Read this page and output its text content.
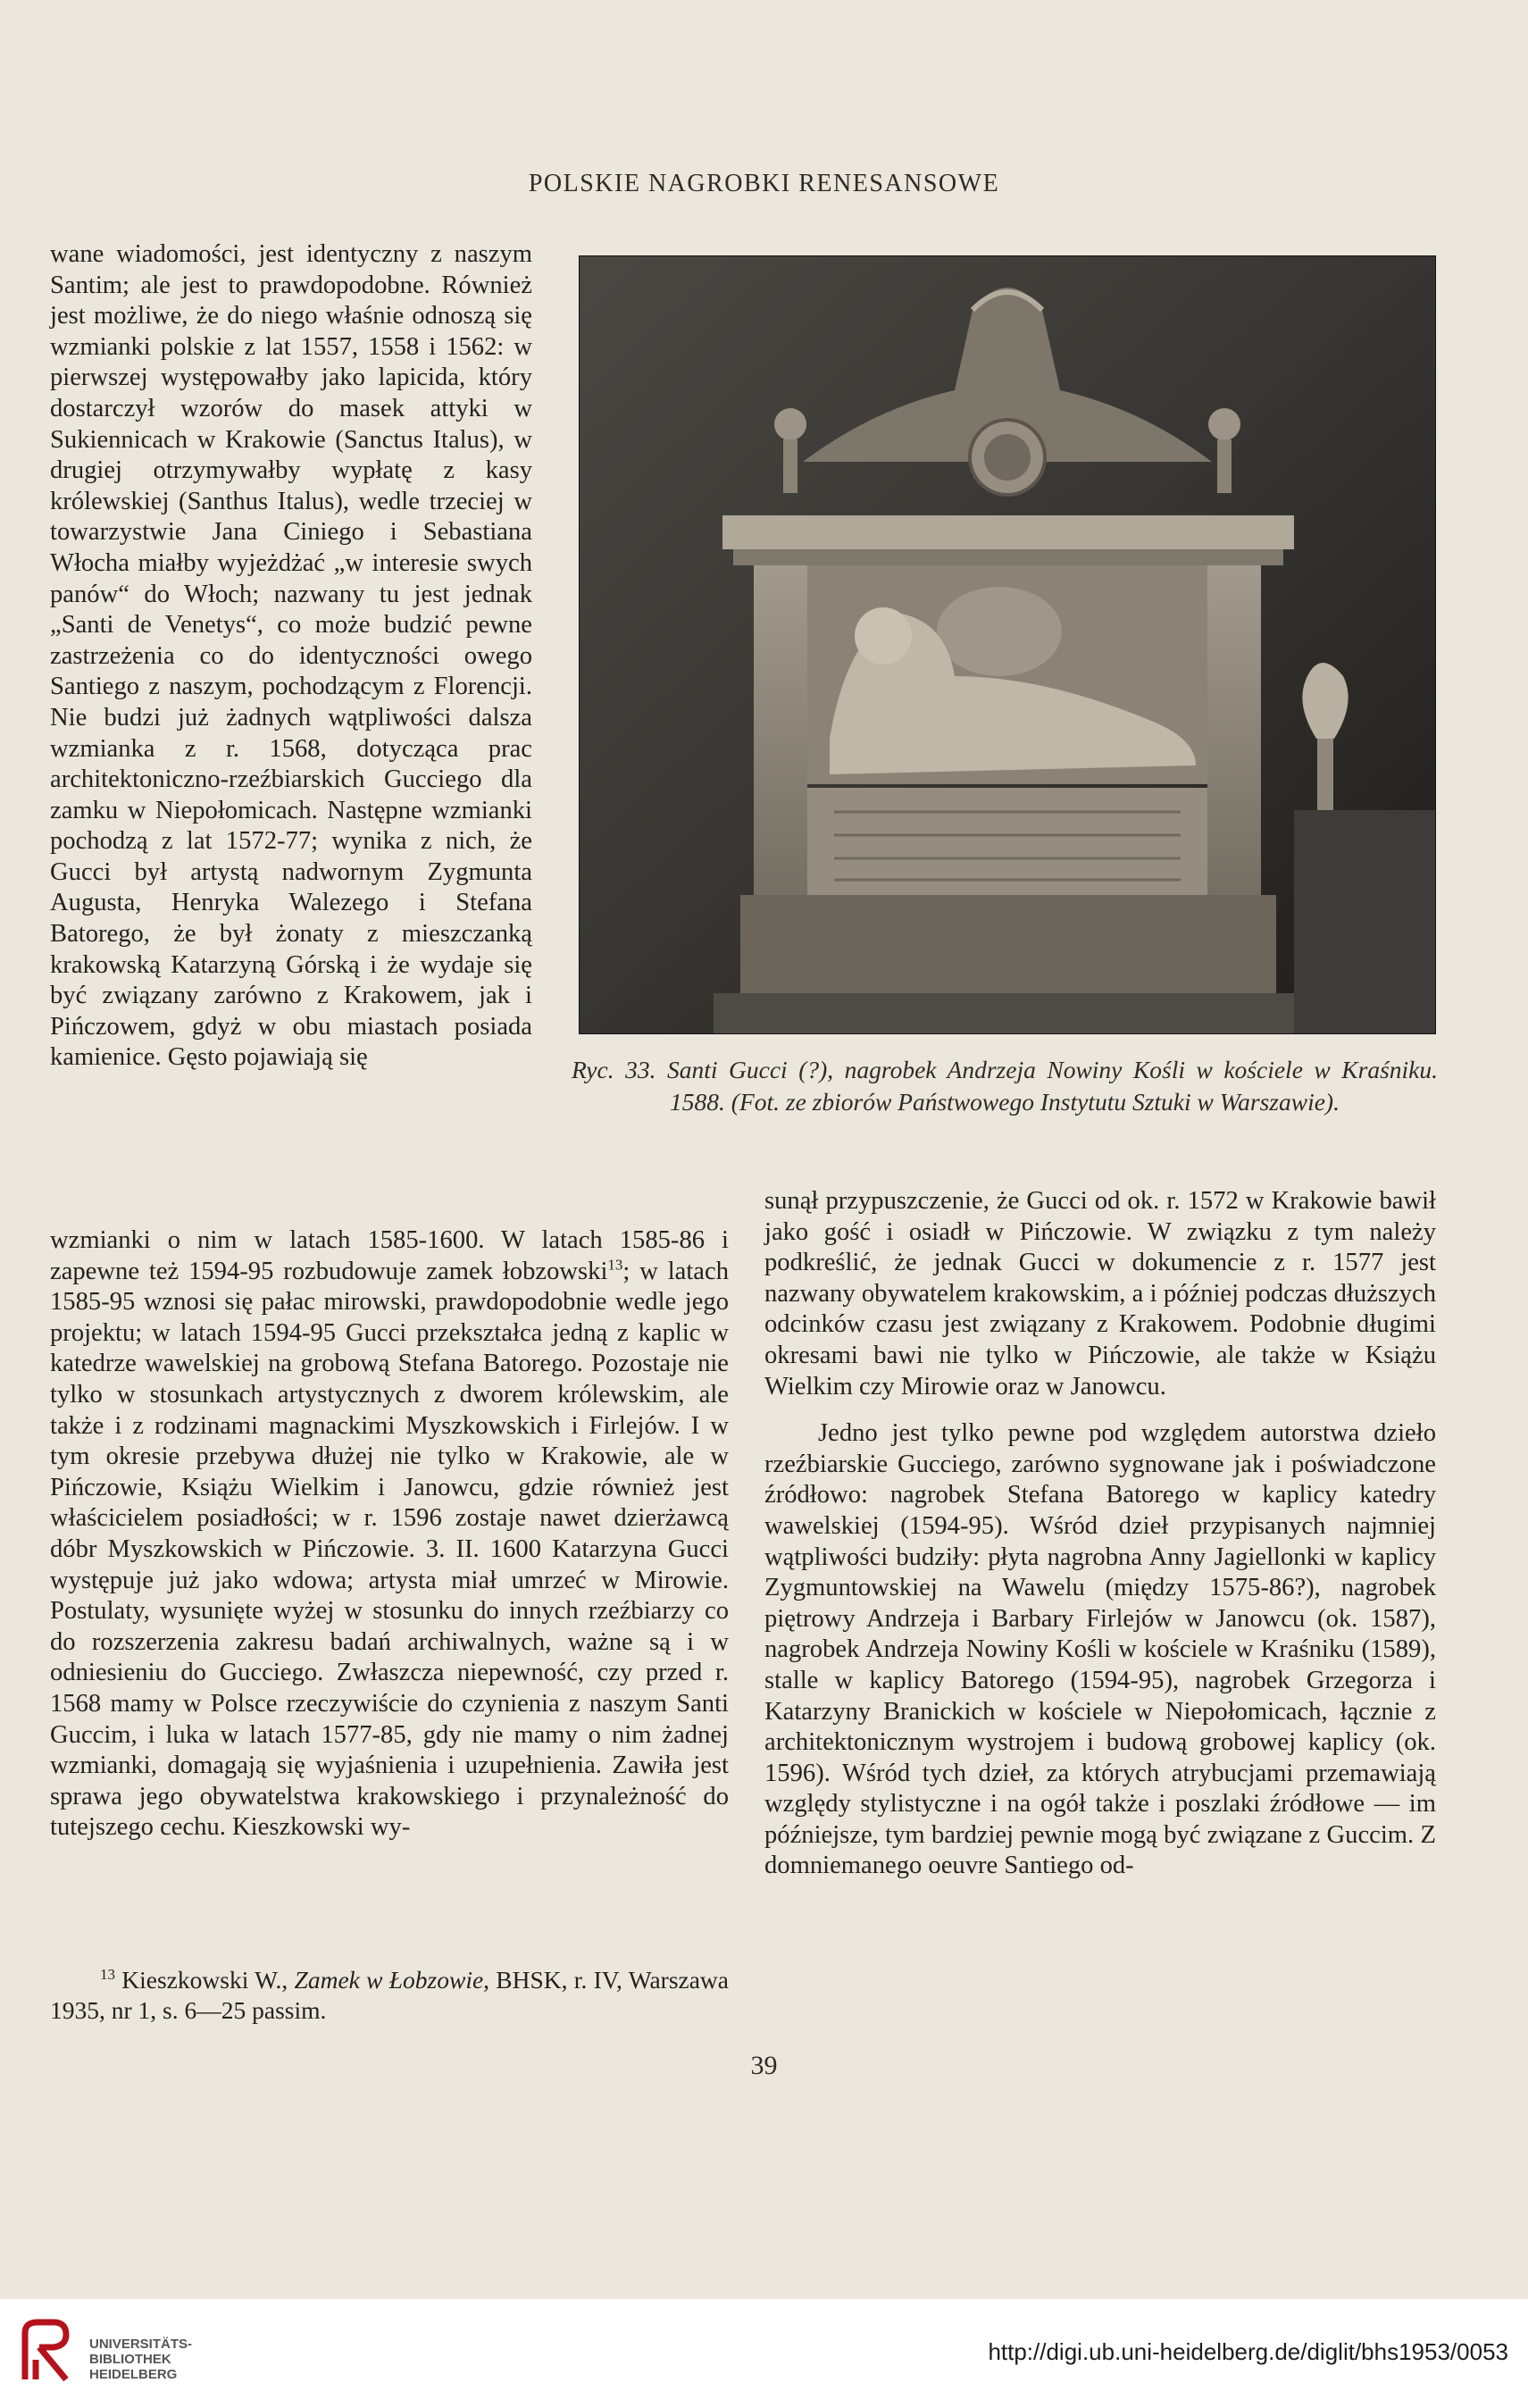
POLSKIE NAGROBKI RENESANSOWE

wane wiadomości, jest identyczny z naszym Santim; ale jest to prawdopodobne. Również jest możliwe, że do niego właśnie odnoszą się wzmianki polskie z lat 1557, 1558 i 1562: w pierwszej występowałby jako lapicida, który dostarczył wzorów do masek attyki w Sukiennicach w Krakowie (Sanctus Italus), w drugiej otrzymywałby wypłatę z kasy królewskiej (Santhus Italus), wedle trzeciej w towarzystwie Jana Ciniego i Sebastiana Włocha miałby wyjeżdżać „w interesie swych panów“ do Włoch; nazwany tu jest jednak „Santi de Venetys“, co może budzić pewne zastrzeżenia co do identyczności owego Santiego z naszym, pochodzącym z Florencji. Nie budzi już żadnych wątpliwości dalsza wzmianka z r. 1568, dotycząca prac architektoniczno-rzeźbiarskich Gucciego dla zamku w Niepołomicach. Następne wzmianki pochodzą z lat 1572-77; wynika z nich, że Gucci był artystą nadwornym Zygmunta Augusta, Henryka Walezego i Stefana Batorego, że był żonaty z mieszczanką krakowską Katarzyną Górską i że wydaje się być związany zarówno z Krakowem, jak i Pińczowem, gdyż w obu miastach posiada kamienice. Gęsto pojawiają się	Ryc. 33. Santi Gucci (?), nagrobek Andrzeja Nowiny Kośli w kościele w Kraśniku. 1588. (Fot. ze zbiorów Państwowego Instytutu Sztuki w Warszawie).

wzmianki o nim w latach 1585-1600. W latach 1585-86 i zapewne też 1594-95 rozbudowuje zamek łobzowski$^{13}$; w latach 1585-95 wznosi się pałac mirowski, prawdopodobnie wedle jego projektu; w latach 1594-95 Gucci przekształca jedną z kaplic w katedrze wawelskiej na grobową Stefana Batorego. Pozostaje nie tylko w stosunkach artystycznych z dworem królewskim, ale także i z rodzinami magnackimi Myszkowskich i Firlejów. I w tym okresie przebywa dłużej nie tylko w Krakowie, ale w Pińczowie, Książu Wielkim i Janowcu, gdzie również jest właścicielem posiadłości; w r. 1596 zostaje nawet dzierżawcą dóbr Myszkowskich w Pińczowie. 3. II. 1600 Katarzyna Gucci występuje już jako wdowa; artysta miał umrzeć w Mirowie. Postulaty, wysunięte wyżej w stosunku do innych rzeźbiarzy co do rozszerzenia zakresu badań archiwalnych, ważne są i w odniesieniu do Gucciego. Zwłaszcza niepewność, czy przed r. 1568 mamy w Polsce rzeczywiście do czynienia z naszym Santi Guccim, i luka w latach 1577-85, gdy nie mamy o nim żadnej wzmianki, domagają się wyjaśnienia i uzupełnienia. Zawiła jest sprawa jego obywatelstwa krakowskiego i przynależność do tutejszego cechu. Kieszkowski wy-

sunął przypuszczenie, że Gucci od ok. r. 1572 w Krakowie bawił jako gość i osiadł w Pińczowie. W związku z tym należy podkreślić, że jednak Gucci w dokumencie z r. 1577 jest nazwany obywatelem krakowskim, a i później podczas dłuższych odcinków czasu jest związany z Krakowem. Podobnie długimi okresami bawi nie tylko w Pińczowie, ale także w Książu Wielkim czy Mirowie oraz w Janowcu.

Jedno jest tylko pewne pod względem autorstwa dzieło rzeźbiarskie Gucciego, zarówno sygnowane jak i poświadczone źródłowo: nagrobek Stefana Batorego w kaplicy katedry wawelskiej (1594-95). Wśród dzieł przypisanych najmniej wątpliwości budziły: płyta nagrobna Anny Jagiellonki w kaplicy Zygmuntowskiej na Wawelu (między 1575-86?), nagrobek piętrowy Andrzeja i Barbary Firlejów w Janowcu (ok. 1587), nagrobek Andrzeja Nowiny Kośli w kościele w Kraśniku (1589), stalle w kaplicy Batorego (1594-95), nagrobek Grzegorza i Katarzyny Branickich w kościele w Niepołomicach, łącznie z architektonicznym wystrojem i budową grobowej kaplicy (ok. 1596). Wśród tych dzieł, za których atrybucjami przemawiają względy stylistyczne i na ogół także i poszlaki źródłowe — im późniejsze, tym bardziej pewnie mogą być związane z Guccim. Z domniemanego oeuvre Santiego od-

$^{13}$ Kieszkowski W., Zamek w Łobzowie, BHSK, r. IV, Warszawa 1935, nr 1, s. 6—25 passim.
39
UNIVERSITÄTS-
BIBLIOTHEK
HEIDELBERG
http://digi.ub.uni-heidelberg.de/diglit/bhs1953/0053
